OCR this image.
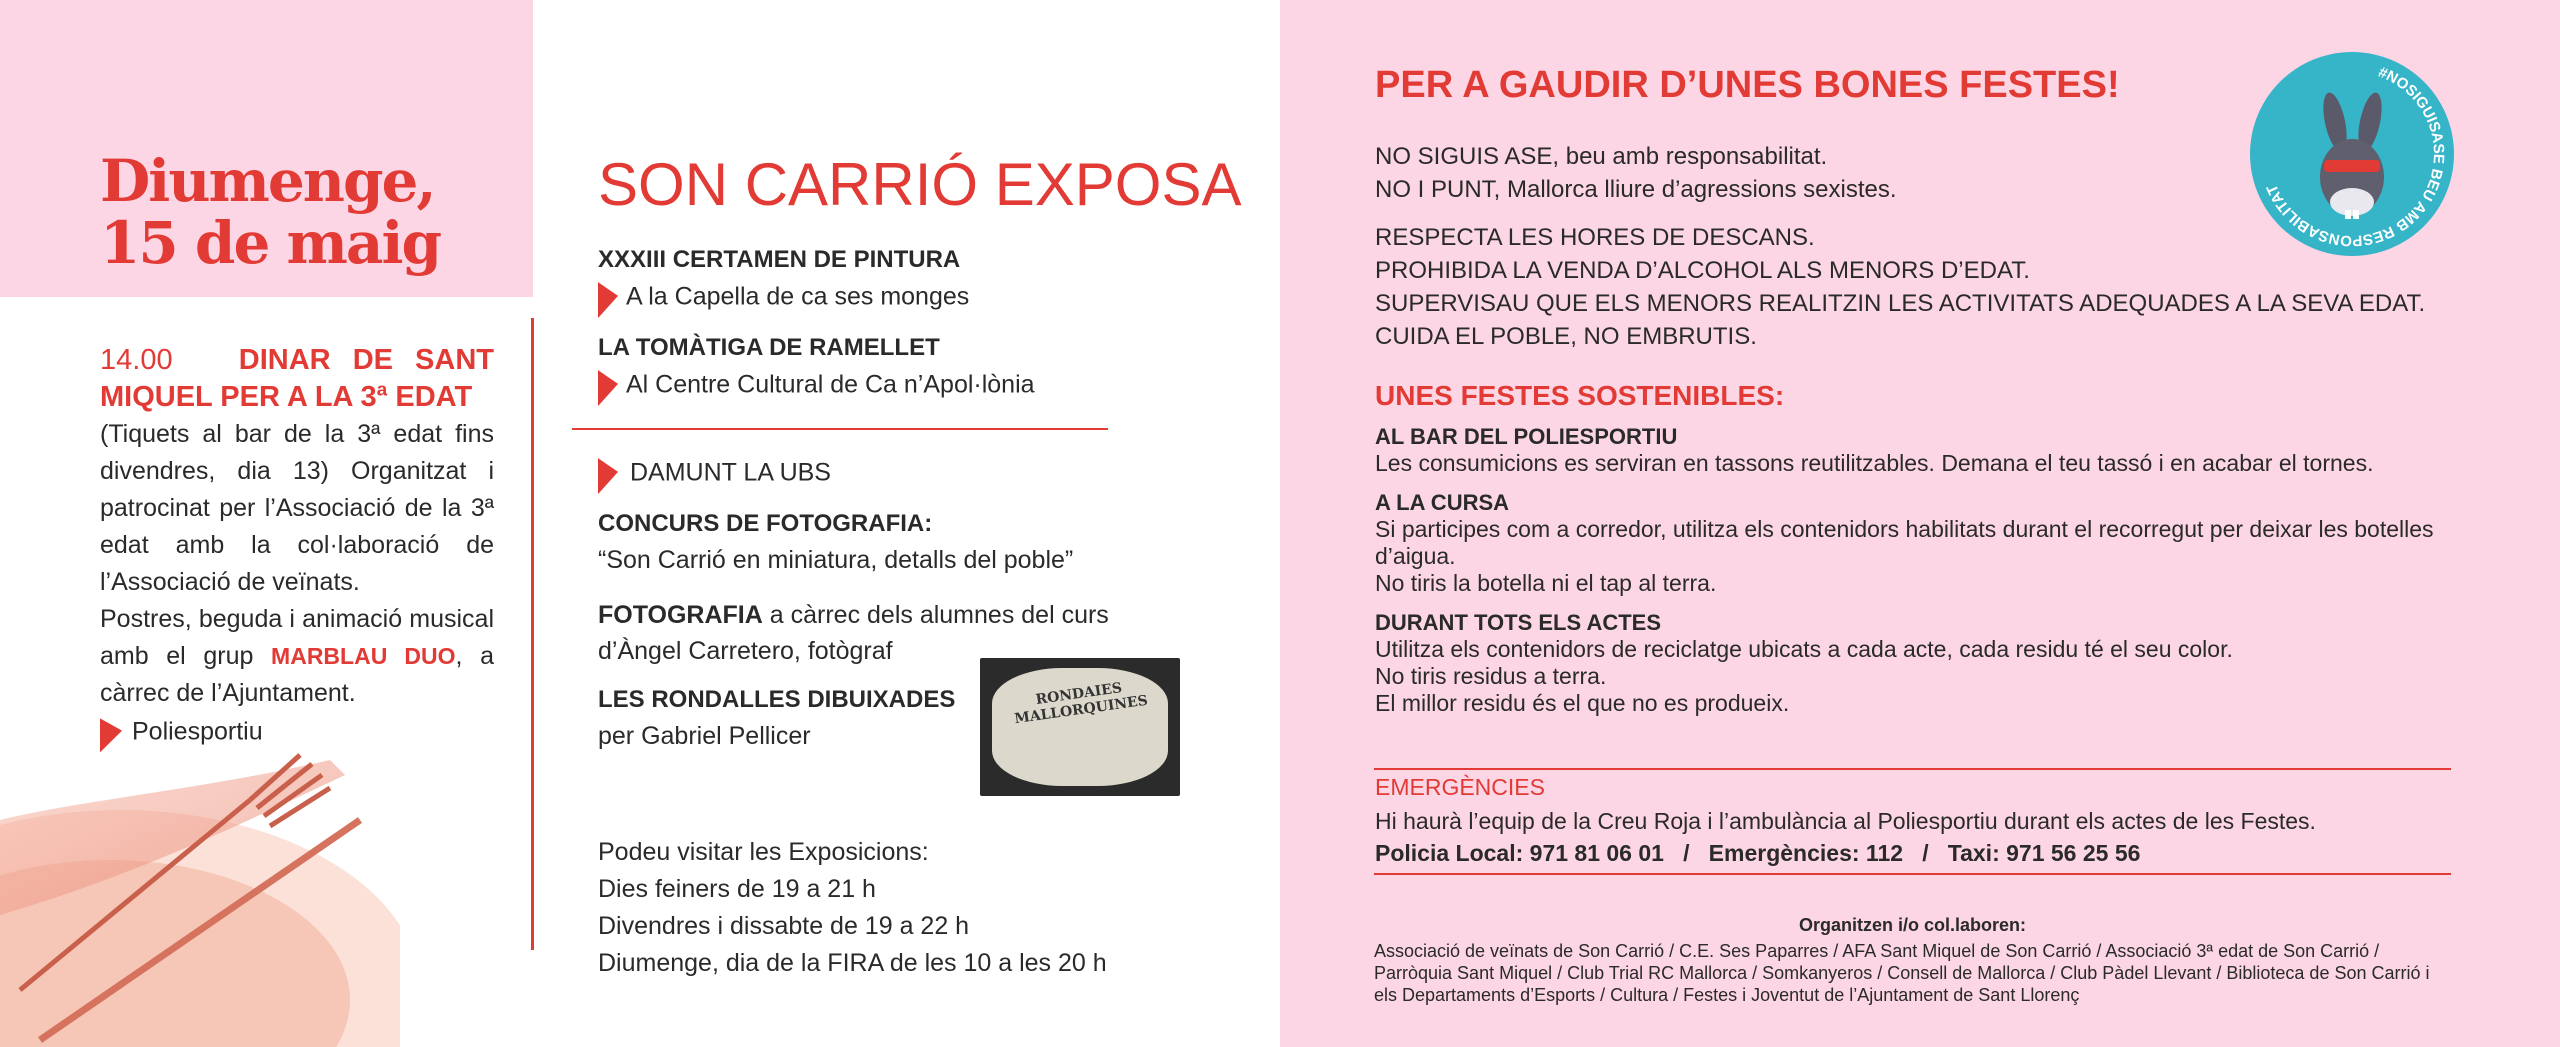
Diumenge,
15 de maig
14.00 DINAR DE SANT MIQUEL PER A LA 3ª EDAT
(Tiquets al bar de la 3ª edat fins divendres, dia 13) Organitzat i patrocinat per l’Associació de la 3ª edat amb la col·laboració de l’Associació de veïnats.
Postres, beguda i animació musical amb el grup MARBLAU DUO, a càrrec de l’Ajuntament.
Poliesportiu
SON CARRIÓ EXPOSA
XXXIII CERTAMEN DE PINTURA
A la Capella de ca ses monges
LA TOMÀTIGA DE RAMELLET
Al Centre Cultural de Ca n’Apol·lònia
DAMUNT LA UBS
CONCURS DE FOTOGRAFIA:
“Son Carrió en miniatura, detalls del poble”
FOTOGRAFIA a càrrec dels alumnes del curs d’Àngel Carretero, fotògraf
LES RONDALLES DIBUIXADES
per Gabriel Pellicer
RONDAIES MALLORQUINES
Podeu visitar les Exposicions:
Dies feiners de 19 a 21 h
Divendres i dissabte de 19 a 22 h
Diumenge, dia de la FIRA de les 10 a les 20 h
PER A GAUDIR D’UNES BONES FESTES!	#NOSIGUISASE BEU AMB RESPONSABILITAT
NO SIGUIS ASE, beu amb responsabilitat.
NO I PUNT, Mallorca lliure d’agressions sexistes.
RESPECTA LES HORES DE DESCANS.
PROHIBIDA LA VENDA D’ALCOHOL ALS MENORS D’EDAT.
SUPERVISAU QUE ELS MENORS REALITZIN LES ACTIVITATS ADEQUADES A LA SEVA EDAT.
CUIDA EL POBLE, NO EMBRUTIS.
UNES FESTES SOSTENIBLES:
AL BAR DEL POLIESPORTIU
Les consumicions es serviran en tassons reutilitzables. Demana el teu tassó i en acabar el tornes.
A LA CURSA
Si participes com a corredor, utilitza els contenidors habilitats durant el recorregut per deixar les botelles d’aigua.
No tiris la botella ni el tap al terra.
DURANT TOTS ELS ACTES
Utilitza els contenidors de reciclatge ubicats a cada acte, cada residu té el seu color.
No tiris residus a terra.
El millor residu és el que no es produeix.
EMERGÈNCIES
Hi haurà l’equip de la Creu Roja i l’ambulància al Poliesportiu durant els actes de les Festes.
Policia Local: 971 81 06 01   /   Emergències: 112   /   Taxi: 971 56 25 56
Organitzen i/o col.laboren:
Associació de veïnats de Son Carrió / C.E. Ses Paparres / AFA Sant Miquel de Son Carrió / Associació 3ª edat de Son Carrió / Parròquia Sant Miquel / Club Trial RC Mallorca / Somkanyeros / Consell de Mallorca / Club Pàdel Llevant / Biblioteca de Son Carrió i els Departaments d’Esports / Cultura / Festes i Joventut de l’Ajuntament de Sant Llorenç
